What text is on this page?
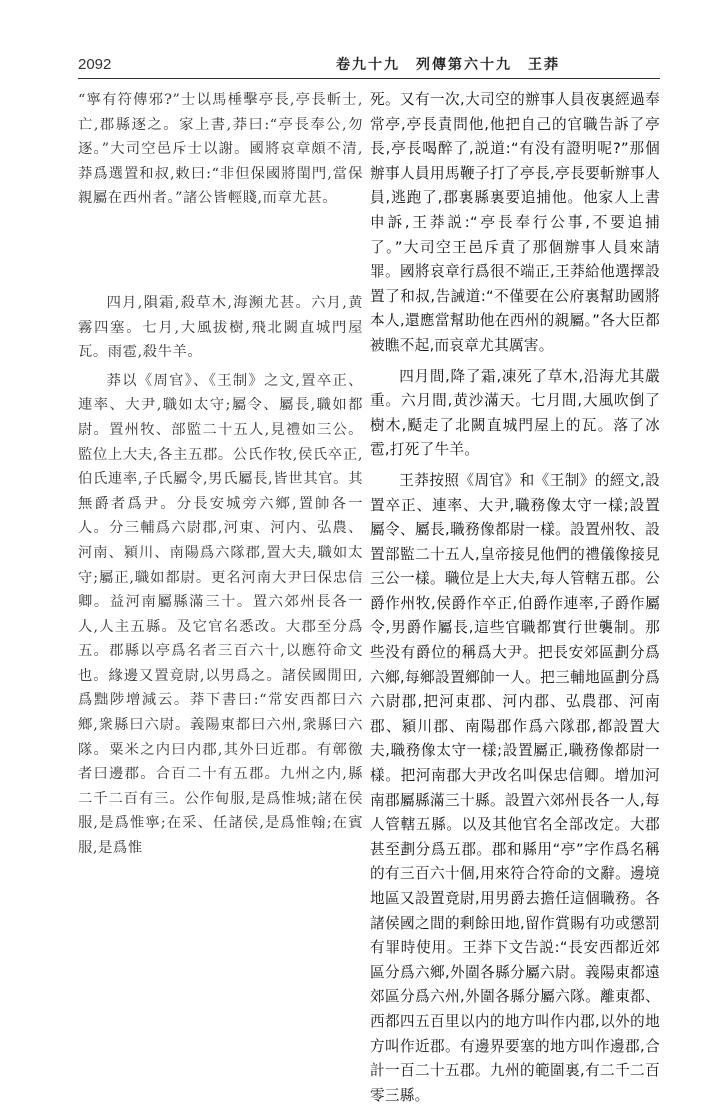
2092	卷九十九　列傳第六十九　王莽

“寧有符傳邪?”士以馬棰擊亭長,亭長斬士,亡,郡縣逐之。家上書,莽曰:“亭長奉公,勿逐。”大司空邑斥士以謝。國將哀章頗不清,莽爲選置和叔,敕曰:“非但保國將閨門,當保親屬在西州者。”諸公皆輕賤,而章尤甚。

四月,隕霜,殺草木,海瀕尤甚。六月,黄霧四塞。七月,大風拔樹,飛北闕直城門屋瓦。雨雹,殺牛羊。

莽以《周官》、《王制》之文,置卒正、連率、大尹,職如太守;屬令、屬長,職如都尉。置州牧、部監二十五人,見禮如三公。監位上大夫,各主五郡。公氏作牧,侯氏卒正,伯氏連率,子氏屬令,男氏屬長,皆世其官。其無爵者爲尹。分長安城旁六鄉,置帥各一人。分三輔爲六尉郡,河東、河内、弘農、河南、潁川、南陽爲六隊郡,置大夫,職如太守;屬正,職如都尉。更名河南大尹曰保忠信卿。益河南屬縣滿三十。置六郊州長各一人,人主五縣。及它官名悉改。大郡至分爲五。郡縣以亭爲名者三百六十,以應符命文也。緣邊又置竟尉,以男爲之。諸侯國閒田,爲黜陟增減云。莽下書曰:“常安西都曰六鄉,衆縣曰六尉。義陽東都曰六州,衆縣曰六隊。粟米之内曰内郡,其外曰近郡。有鄣徼者曰邊郡。合百二十有五郡。九州之内,縣二千二百有三。公作甸服,是爲惟城;諸在侯服,是爲惟寧;在采、任諸侯,是爲惟翰;在賓服,是爲惟

死。又有一次,大司空的辦事人員夜裏經過奉常亭,亭長責問他,他把自己的官職告訴了亭長,亭長喝醉了,説道:“有没有證明呢?”那個辦事人員用馬鞭子打了亭長,亭長要斬辦事人員,逃跑了,郡裏縣裏要追捕他。他家人上書申訴,王莽説:“亭長奉行公事,不要追捕了。”大司空王邑斥責了那個辦事人員來請罪。國將哀章行爲很不端正,王莽給他選擇設置了和叔,告誡道:“不僅要在公府裏幫助國將本人,還應當幫助他在西州的親屬。”各大臣都被瞧不起,而哀章尤其厲害。

四月間,降了霜,凍死了草木,沿海尤其嚴重。六月間,黄沙滿天。七月間,大風吹倒了樹木,颳走了北闕直城門屋上的瓦。落了冰雹,打死了牛羊。

王莽按照《周官》和《王制》的經文,設置卒正、連率、大尹,職務像太守一樣;設置屬令、屬長,職務像都尉一樣。設置州牧、設置部監二十五人,皇帝接見他們的禮儀像接見三公一樣。職位是上大夫,每人管轄五郡。公爵作州牧,侯爵作卒正,伯爵作連率,子爵作屬令,男爵作屬長,這些官職都實行世襲制。那些没有爵位的稱爲大尹。把長安郊區劃分爲六鄉,每鄉設置鄉帥一人。把三輔地區劃分爲六尉郡,把河東郡、河内郡、弘農郡、河南郡、潁川郡、南陽郡作爲六隊郡,都設置大夫,職務像太守一樣;設置屬正,職務像都尉一樣。把河南郡大尹改名叫保忠信卿。增加河南郡屬縣滿三十縣。設置六郊州長各一人,每人管轄五縣。以及其他官名全部改定。大郡甚至劃分爲五郡。郡和縣用“亭”字作爲名稱的有三百六十個,用來符合符命的文辭。邊境地區又設置竟尉,用男爵去擔任這個職務。各諸侯國之間的剩餘田地,留作賞賜有功或懲罰有罪時使用。王莽下文告説:“長安西都近郊區分爲六鄉,外圍各縣分屬六尉。義陽東都遠郊區分爲六州,外圍各縣分屬六隊。離東都、西都四五百里以内的地方叫作内郡,以外的地方叫作近郡。有邊界要塞的地方叫作邊郡,合計一百二十五郡。九州的範圍裏,有二千二百零三縣。
